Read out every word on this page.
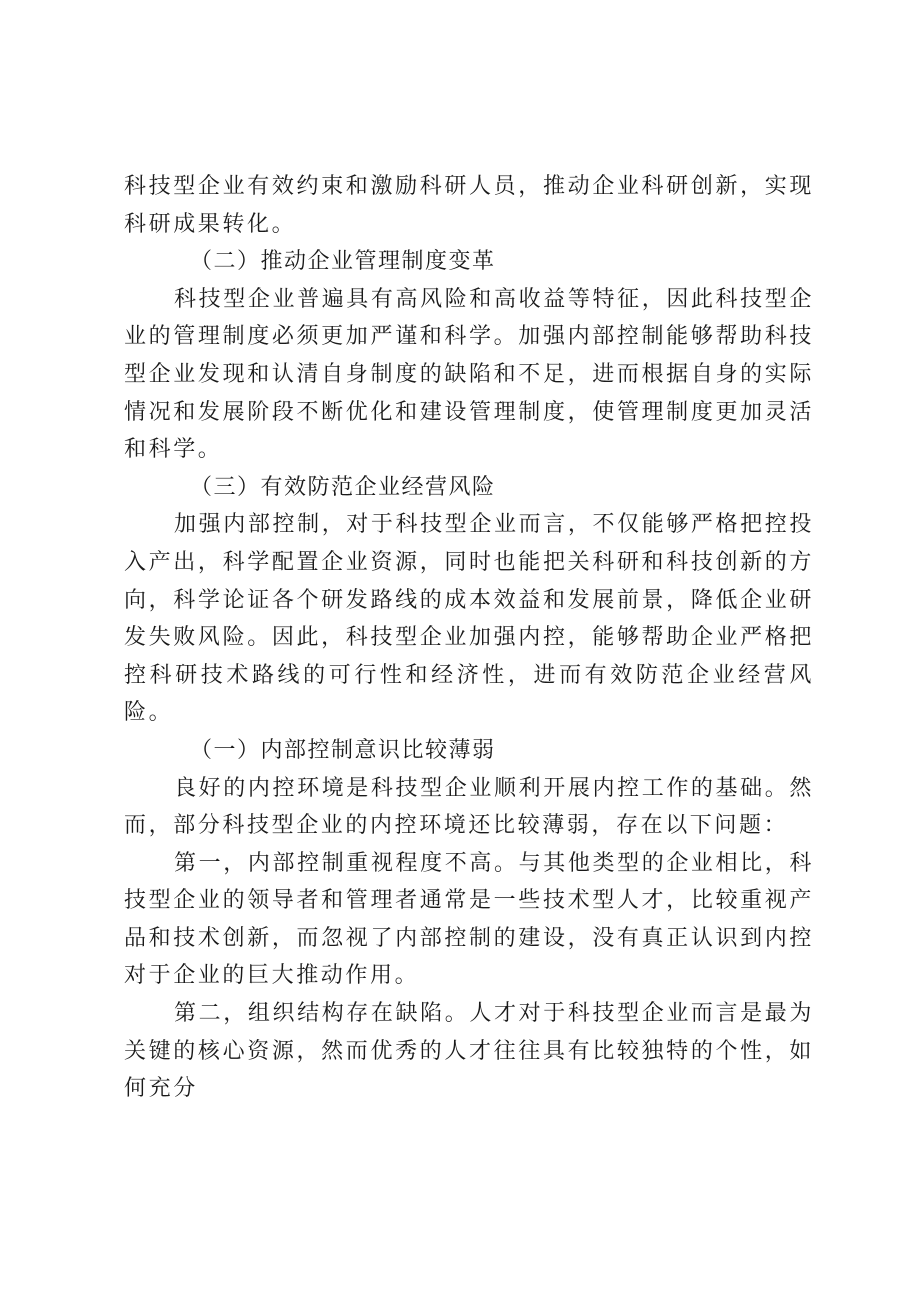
科技型企业有效约束和激励科研人员，推动企业科研创新，实现科研成果转化。

（二）推动企业管理制度变革

科技型企业普遍具有高风险和高收益等特征，因此科技型企业的管理制度必须更加严谨和科学。加强内部控制能够帮助科技型企业发现和认清自身制度的缺陷和不足，进而根据自身的实际情况和发展阶段不断优化和建设管理制度，使管理制度更加灵活和科学。

（三）有效防范企业经营风险

加强内部控制，对于科技型企业而言，不仅能够严格把控投入产出，科学配置企业资源，同时也能把关科研和科技创新的方向，科学论证各个研发路线的成本效益和发展前景，降低企业研发失败风险。因此，科技型企业加强内控，能够帮助企业严格把控科研技术路线的可行性和经济性，进而有效防范企业经营风险。

（一）内部控制意识比较薄弱

良好的内控环境是科技型企业顺利开展内控工作的基础。然而，部分科技型企业的内控环境还比较薄弱，存在以下问题：

第一，内部控制重视程度不高。与其他类型的企业相比，科技型企业的领导者和管理者通常是一些技术型人才，比较重视产品和技术创新，而忽视了内部控制的建设，没有真正认识到内控对于企业的巨大推动作用。

第二，组织结构存在缺陷。人才对于科技型企业而言是最为关键的核心资源，然而优秀的人才往往具有比较独特的个性，如何充分
